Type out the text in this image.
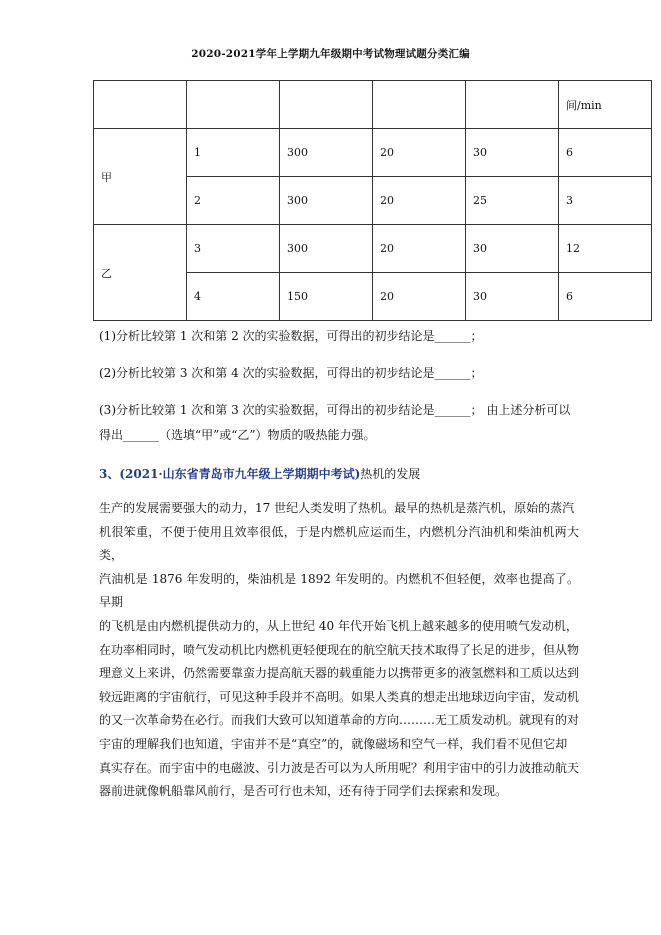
2020-2021学年上学期九年级期中考试物理试题分类汇编
					间/min
甲	1	300	20	30	6
	2	300	20	25	3
乙	3	300	20	30	12
	4	150	20	30	6
(1)分析比较第 1 次和第 2 次的实验数据，可得出的初步结论是______；
(2)分析比较第 3 次和第 4 次的实验数据，可得出的初步结论是______；
(3)分析比较第 1 次和第 3 次的实验数据，可得出的初步结论是______； 由上述分析可以
得出______（选填“甲”或“乙”）物质的吸热能力强。
3、(2021·山东省青岛市九年级上学期期中考试)热机的发展

生产的发展需要强大的动力，17 世纪人类发明了热机。最早的热机是蒸汽机，原始的蒸汽

机很笨重，不便于使用且效率很低，于是内燃机应运而生，内燃机分汽油机和柴油机两大类，

汽油机是 1876 年发明的，柴油机是 1892 年发明的。内燃机不但轻便，效率也提高了。早期

的飞机是由内燃机提供动力的，从上世纪 40 年代开始飞机上越来越多的使用喷气发动机，

在功率相同时，喷气发动机比内燃机更轻便现在的航空航天技术取得了长足的进步，但从物

理意义上来讲，仍然需要靠蛮力提高航天器的载重能力以携带更多的液氢燃料和工质以达到

较远距离的宇宙航行，可见这种手段并不高明。如果人类真的想走出地球迈向宇宙，发动机

的又一次革命势在必行。而我们大致可以知道革命的方向………无工质发动机。就现有的对

宇宙的理解我们也知道，宇宙并不是“真空”的，就像磁场和空气一样，我们看不见但它却

真实存在。而宇宙中的电磁波、引力波是否可以为人所用呢？利用宇宙中的引力波推动航天

器前进就像帆船靠风前行，是否可行也未知，还有待于同学们去探索和发现。
